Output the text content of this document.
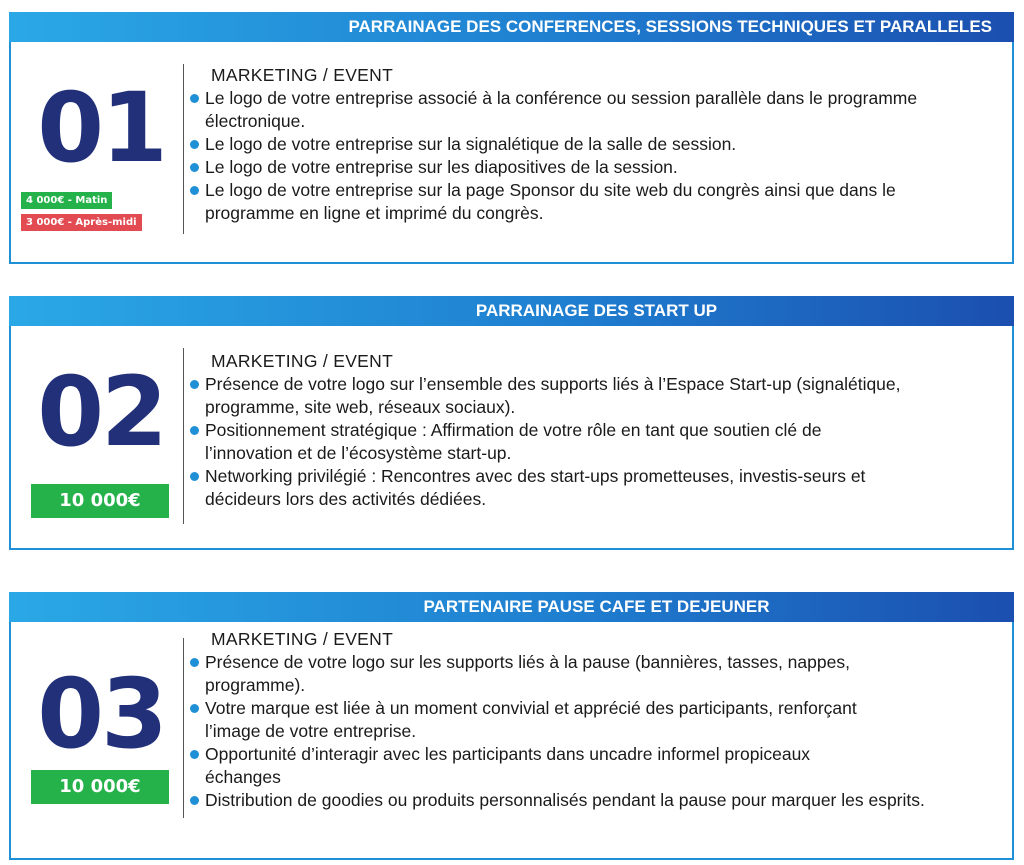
PARRAINAGE DES CONFERENCES, SESSIONS TECHNIQUES ET PARALLELES
01
4 000€ - Matin
3 000€ - Après-midi
MARKETING / EVENT
Le logo de votre entreprise associé à la conférence ou session parallèle dans le programme électronique.
Le logo de votre entreprise sur la signalétique de la salle de session.
Le logo de votre entreprise sur les diapositives de la session.
Le logo de votre entreprise sur la page Sponsor du site web du congrès ainsi que dans le programme en ligne et imprimé du congrès.
PARRAINAGE DES START UP
02
10 000€
MARKETING / EVENT
Présence de votre logo sur l’ensemble des supports liés à l’Espace Start-up (signalétique, programme, site web, réseaux sociaux).
Positionnement stratégique : Affirmation de votre rôle en tant que soutien clé de l’innovation et de l’écosystème start-up.
Networking privilégié : Rencontres avec des start-ups prometteuses, investis-seurs et décideurs lors des activités dédiées.
PARTENAIRE PAUSE CAFE ET DEJEUNER
03
10 000€
MARKETING / EVENT
Présence de votre logo sur les supports liés à la pause (bannières, tasses, nappes, programme).
Votre marque est liée à un moment convivial et apprécié des participants, renforçant l’image de votre entreprise.
Opportunité d’interagir avec les participants dans uncadre informel propiceaux échanges
Distribution de goodies ou produits personnalisés pendant la pause pour marquer les esprits.
